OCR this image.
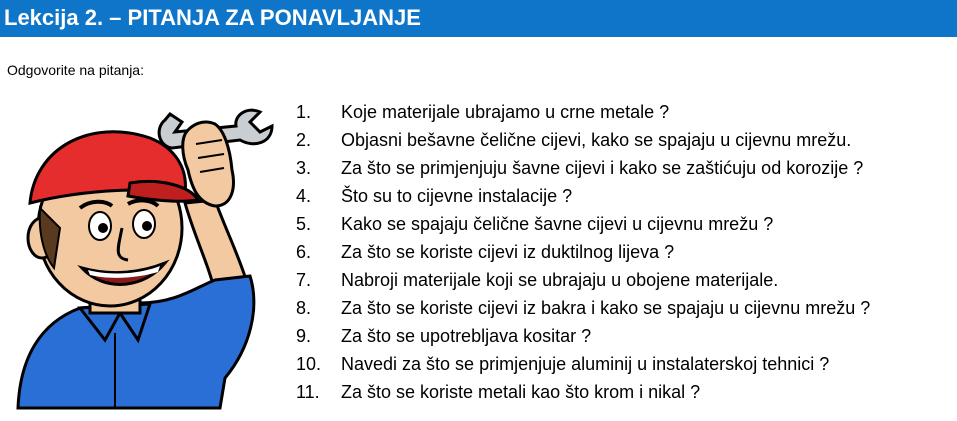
Lekcija 2. – PITANJA ZA PONAVLJANJE
Odgovorite na pitanja:
1.	Koje materijale ubrajamo u crne metale ?
2.	Objasni bešavne čelične cijevi, kako se spajaju u cijevnu mrežu.
3.	Za što se primjenjuju šavne cijevi i kako se zaštićuju od korozije ?
4.	Što su to cijevne instalacije ?
5.	Kako se spajaju čelične šavne cijevi u cijevnu mrežu ?
6.	Za što se koriste cijevi iz duktilnog lijeva ?
7.	Nabroji materijale koji se ubrajaju u obojene materijale.
8.	Za što se koriste cijevi iz bakra i kako se spajaju u cijevnu mrežu ?
9.	Za što se upotrebljava kositar ?
10.	Navedi za što se primjenjuje aluminij u instalaterskoj tehnici ?
11.	Za što se koriste metali kao što krom i nikal ?
